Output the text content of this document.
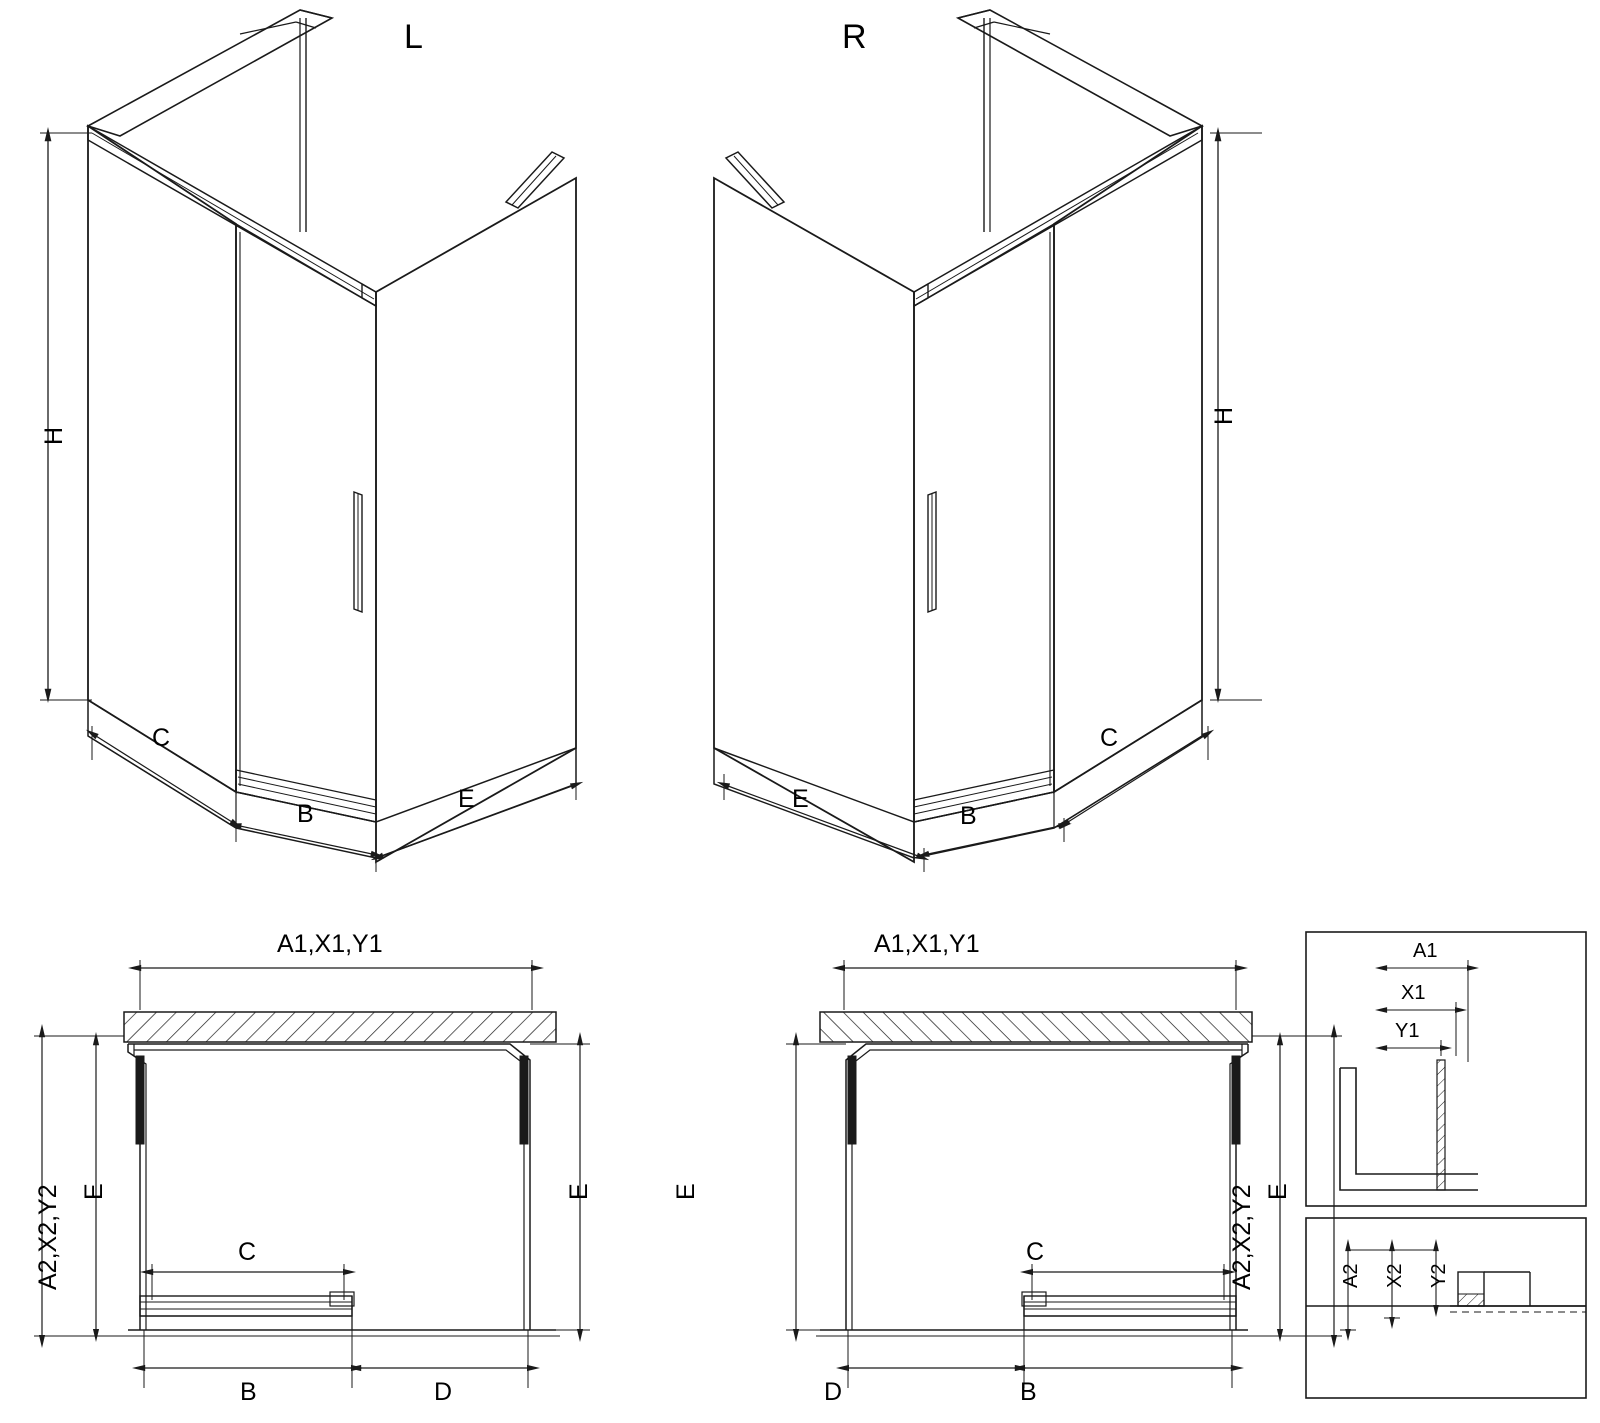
L	R
H
H
C
B
E
C
B
E
A1,X1,Y1
A2,X2,Y2 E	E
C
B	D
A1,X1,Y1
A2,X2,Y2 E
E
C
B
D
A1
X1
Y1
A2 X2 Y2
